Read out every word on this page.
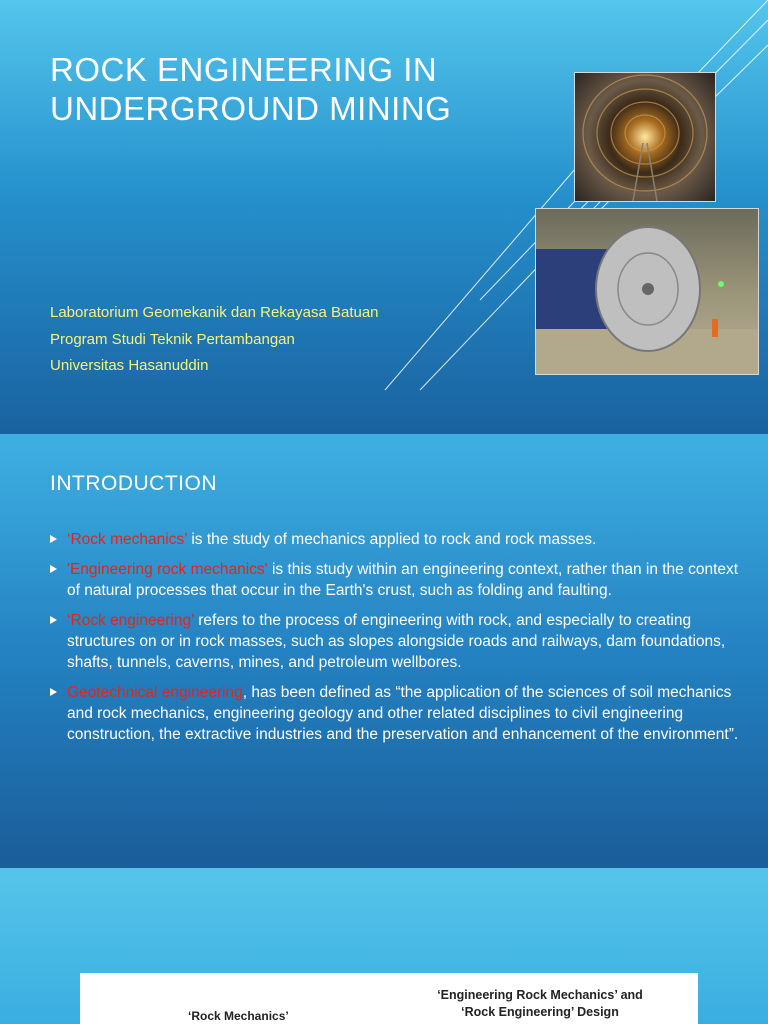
ROCK ENGINEERING IN UNDERGROUND MINING
Laboratorium Geomekanik dan Rekayasa Batuan
Program Studi Teknik Pertambangan
Universitas Hasanuddin
INTRODUCTION
‘Rock mechanics’ is the study of mechanics applied to rock and rock masses.
'Engineering rock mechanics' is this study within an engineering context, rather than in the context of natural processes that occur in the Earth's crust, such as folding and faulting.
‘Rock engineering’ refers to the process of engineering with rock, and especially to creating structures on or in rock masses, such as slopes alongside roads and railways, dam foundations, shafts, tunnels, caverns, mines, and petroleum wellbores.
Geotechnical engineering, has been defined as “the application of the sciences of soil mechanics and rock mechanics, engineering geology and other related disciplines to civil engineering construction, the extractive industries and the preservation and enhancement of the environment”.
‘Rock Mechanics’
‘Engineering Rock Mechanics’ and
‘Rock Engineering’ Design
